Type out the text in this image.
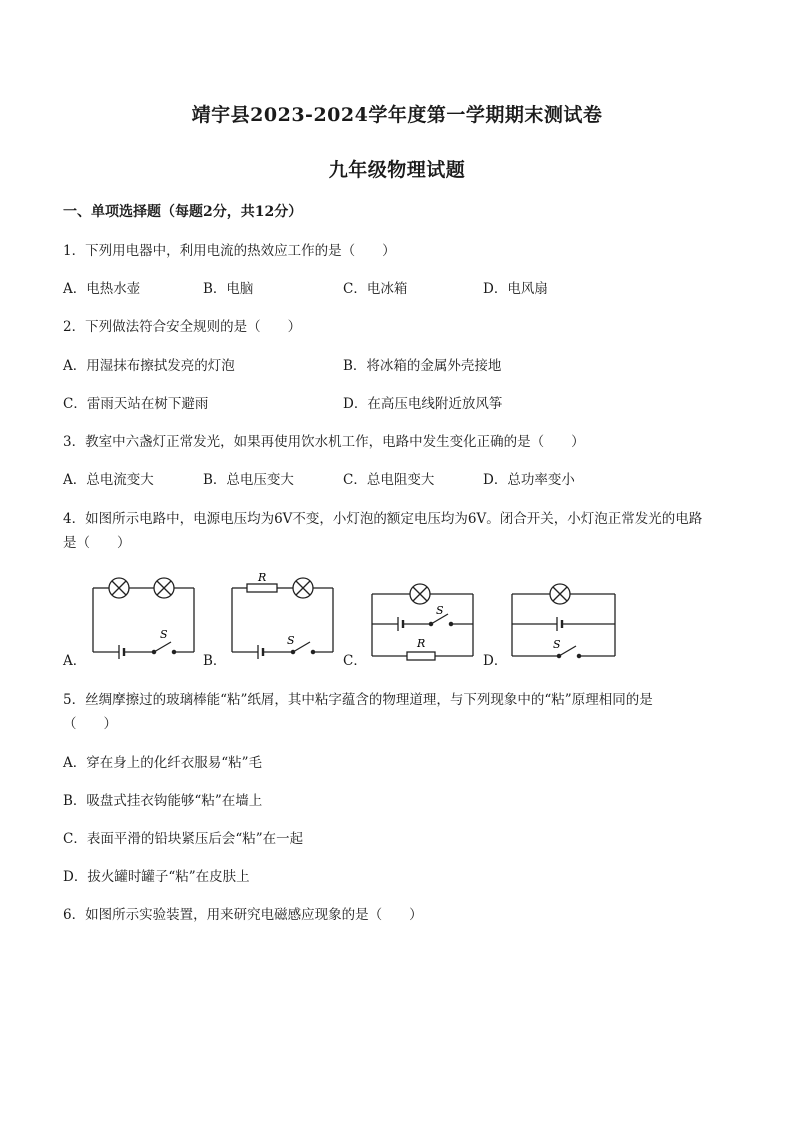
靖宇县2023-2024学年度第一学期期末测试卷
九年级物理试题
一、单项选择题（每题2分，共12分）
1．下列用电器中，利用电流的热效应工作的是（　　）
A．电热水壶	B．电脑	C．电冰箱	D．电风扇
2．下列做法符合安全规则的是（　　）
A．用湿抹布擦拭发亮的灯泡	B．将冰箱的金属外壳接地
C．雷雨天站在树下避雨	D．在高压电线附近放风筝
3．教室中六盏灯正常发光，如果再使用饮水机工作，电路中发生变化正确的是（　　）
A．总电流变大	B．总电压变大	C．总电阻变大	D．总功率变小
4．如图所示电路中，电源电压均为6V不变，小灯泡的额定电压均为6V。闭合开关，小灯泡正常发光的电路
是（　　）
A．
S
B．
R
S
C．
S
R
D．
S
5．丝绸摩擦过的玻璃棒能“粘”纸屑，其中粘字蕴含的物理道理，与下列现象中的“粘”原理相同的是
（　　）
A．穿在身上的化纤衣服易“粘”毛
B．吸盘式挂衣钩能够“粘”在墙上
C．表面平滑的铅块紧压后会“粘”在一起
D．拔火罐时罐子“粘”在皮肤上
6．如图所示实验装置，用来研究电磁感应现象的是（　　）
